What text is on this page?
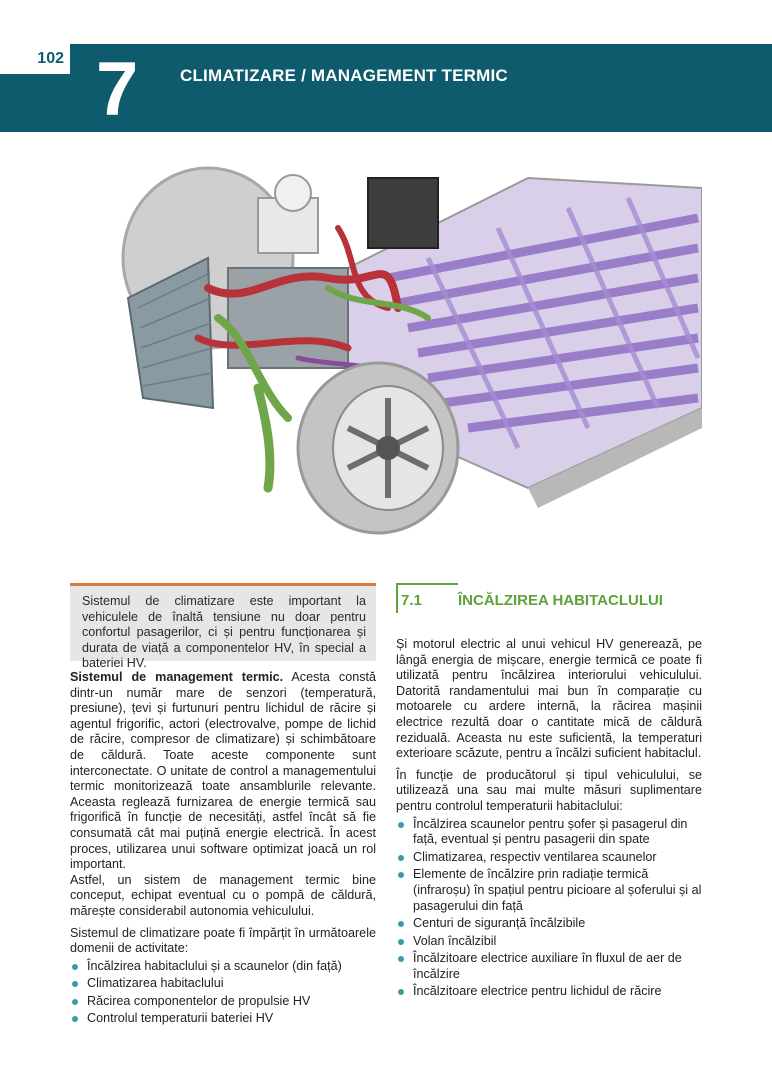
102 7	CLIMATIZARE / MANAGEMENT TERMIC
Sistemul de climatizare este important la vehiculele de înaltă tensiune nu doar pentru confortul pasagerilor, ci și pentru funcționarea și durata de viață a componentelor HV, în special a bateriei HV.

Sistemul de management termic. Acesta constă dintr-un număr mare de senzori (temperatură, presiune), țevi și furtunuri pentru lichidul de răcire și agentul frigorific, actori (electrovalve, pompe de lichid de răcire, compresor de climatizare) și schimbătoare de căldură. Toate aceste componente sunt interconectate. O unitate de control a managementului termic monitorizează toate ansamblurile relevante. Aceasta reglează furnizarea de energie termică sau frigorifică în funcție de necesități, astfel încât să fie consumată cât mai puțină energie electrică. În acest proces, utilizarea unui software optimizat joacă un rol important.

Astfel, un sistem de management termic bine conceput, echipat eventual cu o pompă de căldură, mărește considerabil autonomia vehiculului.

Sistemul de climatizare poate fi împărțit în următoarele domenii de activitate:

Încălzirea habitaclului și a scaunelor (din față)
Climatizarea habitaclului
Răcirea componentelor de propulsie HV
Controlul temperaturii bateriei HV
7.1 ÎNCĂLZIREA HABITACLULUI

Și motorul electric al unui vehicul HV generează, pe lângă energia de mișcare, energie termică ce poate fi utilizată pentru încălzirea interiorului vehiculului. Datorită randamentului mai bun în comparație cu motoarele cu ardere internă, la răcirea mașinii electrice rezultă doar o cantitate mică de căldură reziduală. Aceasta nu este suficientă, la temperaturi exterioare scăzute, pentru a încălzi suficient habitaclul.

În funcție de producătorul și tipul vehiculului, se utilizează una sau mai multe măsuri suplimentare pentru controlul temperaturii habitaclului:

Încălzirea scaunelor pentru șofer și pasagerul din față, eventual și pentru pasagerii din spate
Climatizarea, respectiv ventilarea scaunelor
Elemente de încălzire prin radiație termică (infraroșu) în spațiul pentru picioare al șoferului și al pasagerului din față
Centuri de siguranță încălzibile
Volan încălzibil
Încălzitoare electrice auxiliare în fluxul de aer de încălzire
Încălzitoare electrice pentru lichidul de răcire
